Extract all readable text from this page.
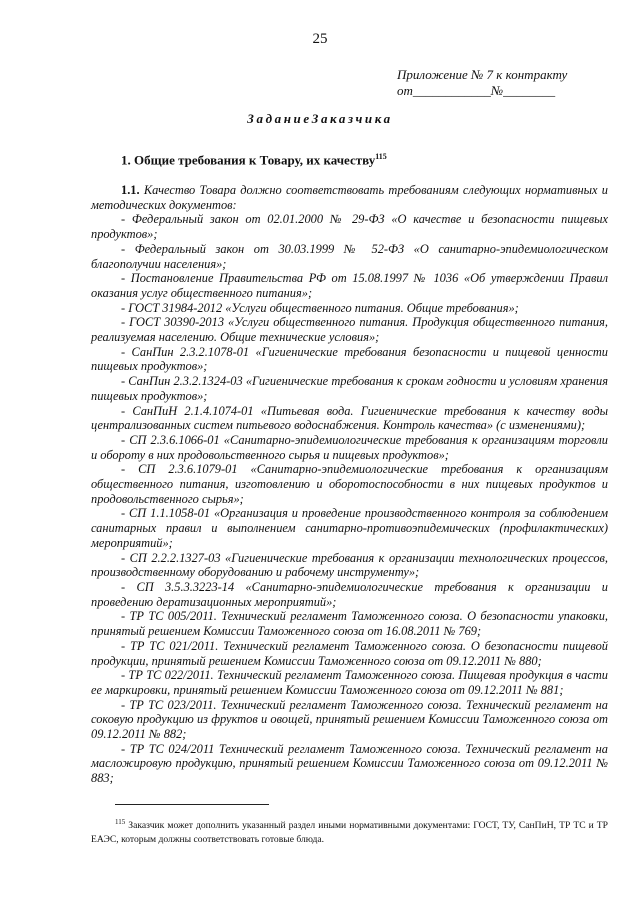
25
Приложение № 7 к контракту
от____________№________
ЗаданиеЗаказчика
1. Общие требования к Товару, их качеству$^{115}$

1.1. Качество Товара должно соответствовать требованиям следующих нормативных и методических документов:

- Федеральный закон от 02.01.2000 № 29-ФЗ «О качестве и безопасности пищевых продуктов»;

- Федеральный закон от 30.03.1999 № 52-ФЗ «О санитарно-эпидемиологическом благополучии населения»;

- Постановление Правительства РФ от 15.08.1997 № 1036 «Об утверждении Правил оказания услуг общественного питания»;

- ГОСТ 31984-2012 «Услуги общественного питания. Общие требования»;

- ГОСТ 30390-2013 «Услуги общественного питания. Продукция общественного питания, реализуемая населению. Общие технические условия»;

- СанПин 2.3.2.1078-01 «Гигиенические требования безопасности и пищевой ценности пищевых продуктов»;

- СанПин 2.3.2.1324-03 «Гигиенические требования к срокам годности и условиям хранения пищевых продуктов»;

- СанПиН 2.1.4.1074-01 «Питьевая вода. Гигиенические требования к качеству воды централизованных систем питьевого водоснабжения. Контроль качества» (с изменениями);

- СП 2.3.6.1066-01 «Санитарно-эпидемиологические требования к организациям торговли и обороту в них продовольственного сырья и пищевых продуктов»;

- СП 2.3.6.1079-01 «Санитарно-эпидемиологические требования к организациям общественного питания, изготовлению и оборотоспособности в них пищевых продуктов и продовольственного сырья»;

- СП 1.1.1058-01 «Организация и проведение производственного контроля за соблюдением санитарных правил и выполнением санитарно-противоэпидемических (профилактических) мероприятий»;

- СП 2.2.2.1327-03 «Гигиенические требования к организации технологических процессов, производственному оборудованию и рабочему инструменту»;

- СП 3.5.3.3223-14 «Санитарно-эпидемиологические требования к организации и проведению дератизационных мероприятий»;

- ТР ТС 005/2011. Технический регламент Таможенного союза. О безопасности упаковки, принятый решением Комиссии Таможенного союза от 16.08.2011 № 769;

- ТР ТС 021/2011. Технический регламент Таможенного союза. О безопасности пищевой продукции, принятый решением Комиссии Таможенного союза от 09.12.2011 № 880;

- ТР ТС 022/2011. Технический регламент Таможенного союза. Пищевая продукция в части ее маркировки, принятый решением Комиссии Таможенного союза от 09.12.2011 № 881;

- ТР ТС 023/2011. Технический регламент Таможенного союза. Технический регламент на соковую продукцию из фруктов и овощей, принятый решением Комиссии Таможенного союза от 09.12.2011 № 882;

- ТР ТС 024/2011 Технический регламент Таможенного союза. Технический регламент на масложировую продукцию, принятый решением Комиссии Таможенного союза от 09.12.2011 № 883;

$^{115}$ Заказчик может дополнить указанный раздел иными нормативными документами: ГОСТ, ТУ, СанПиН, ТР ТС и ТР ЕАЭС, которым должны соответствовать готовые блюда.
